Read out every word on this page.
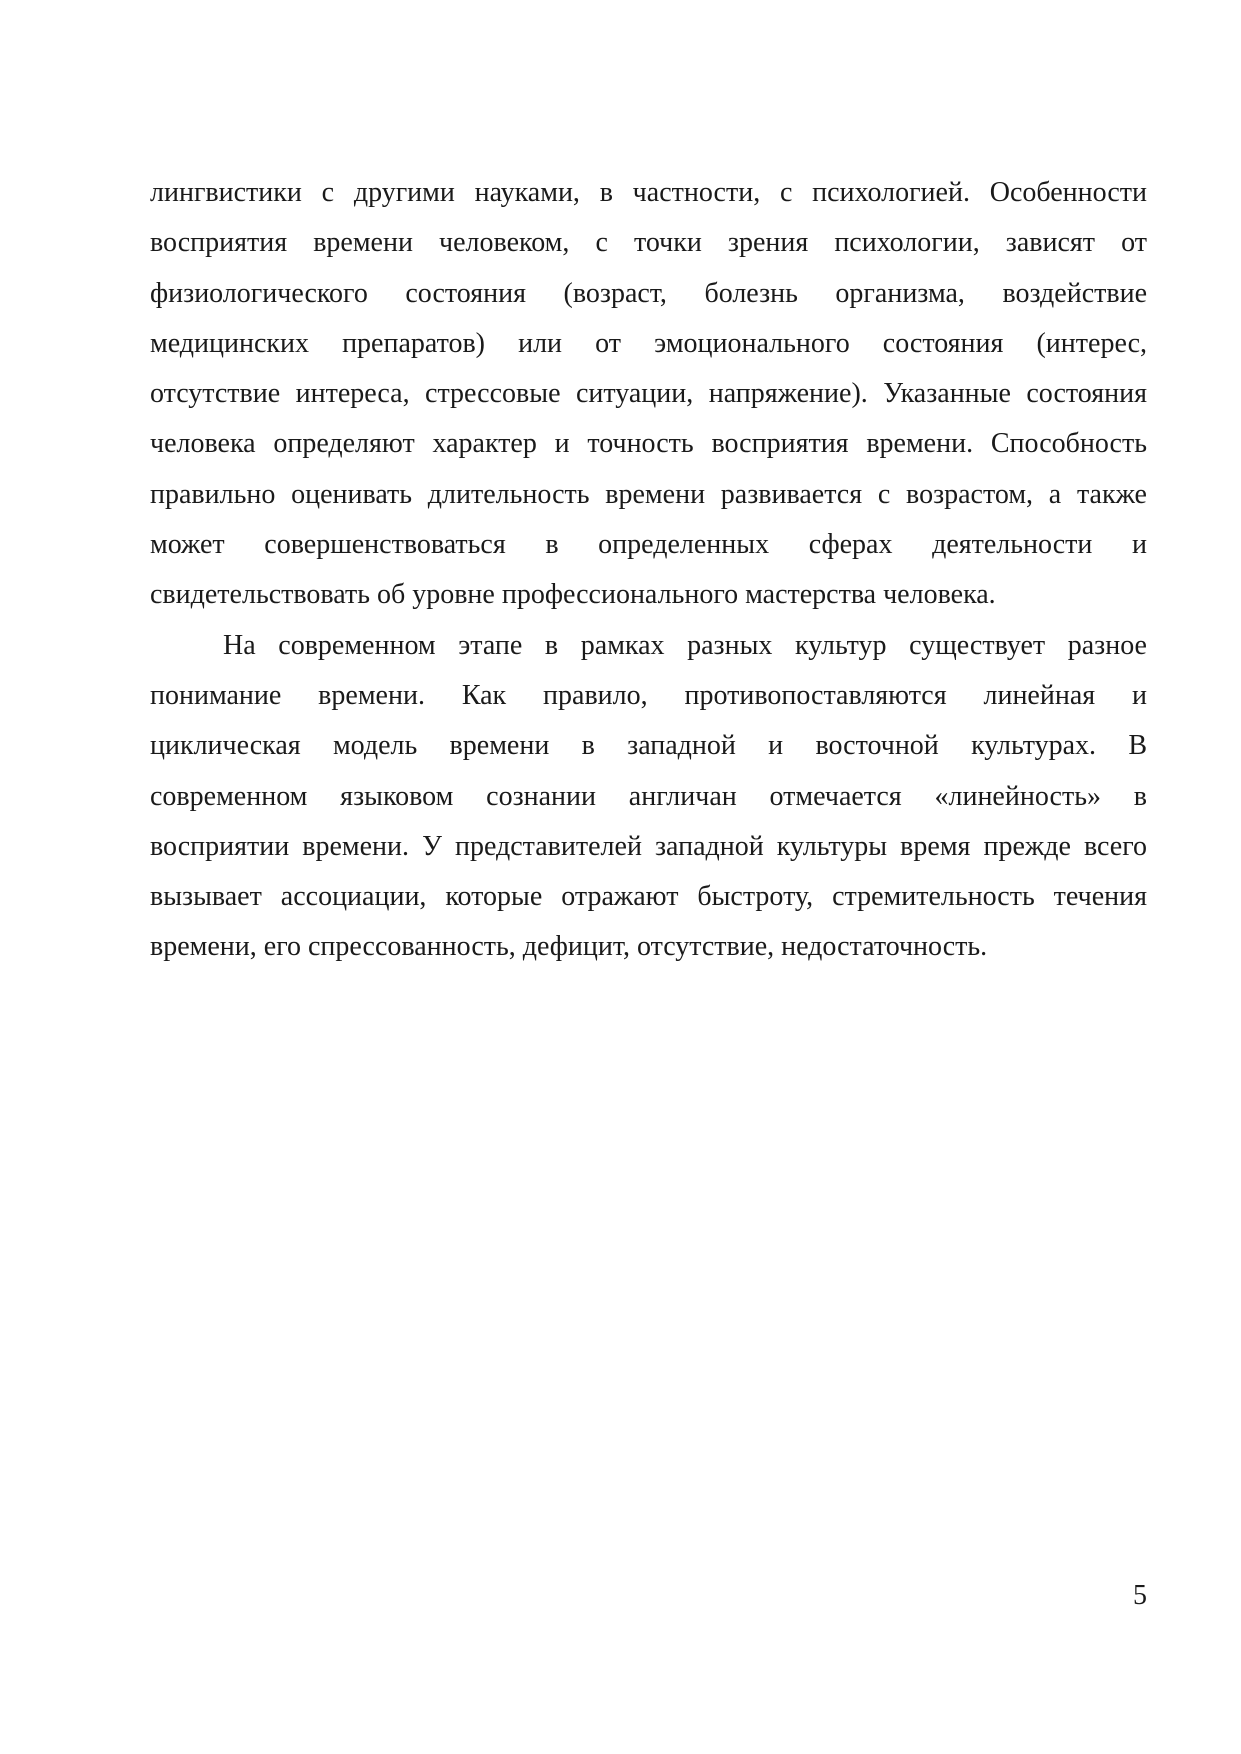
лингвистики с другими науками, в частности, с психологией. Особенности
восприятия времени человеком, с точки зрения психологии, зависят от
физиологического состояния (возраст, болезнь организма, воздействие
медицинских препаратов) или от эмоционального состояния (интерес,
отсутствие интереса, стрессовые ситуации, напряжение). Указанные состояния
человека определяют характер и точность восприятия времени. Способность
правильно оценивать длительность времени развивается с возрастом, а также
может совершенствоваться в определенных сферах деятельности и
свидетельствовать об уровне профессионального мастерства человека.
На современном этапе в рамках разных культур существует разное
понимание времени. Как правило, противопоставляются линейная и
циклическая модель времени в западной и восточной культурах. В
современном языковом сознании англичан отмечается «линейность» в
восприятии времени. У представителей западной культуры время прежде всего
вызывает ассоциации, которые отражают быстроту, стремительность течения
времени, его спрессованность, дефицит, отсутствие, недостаточность.
5
